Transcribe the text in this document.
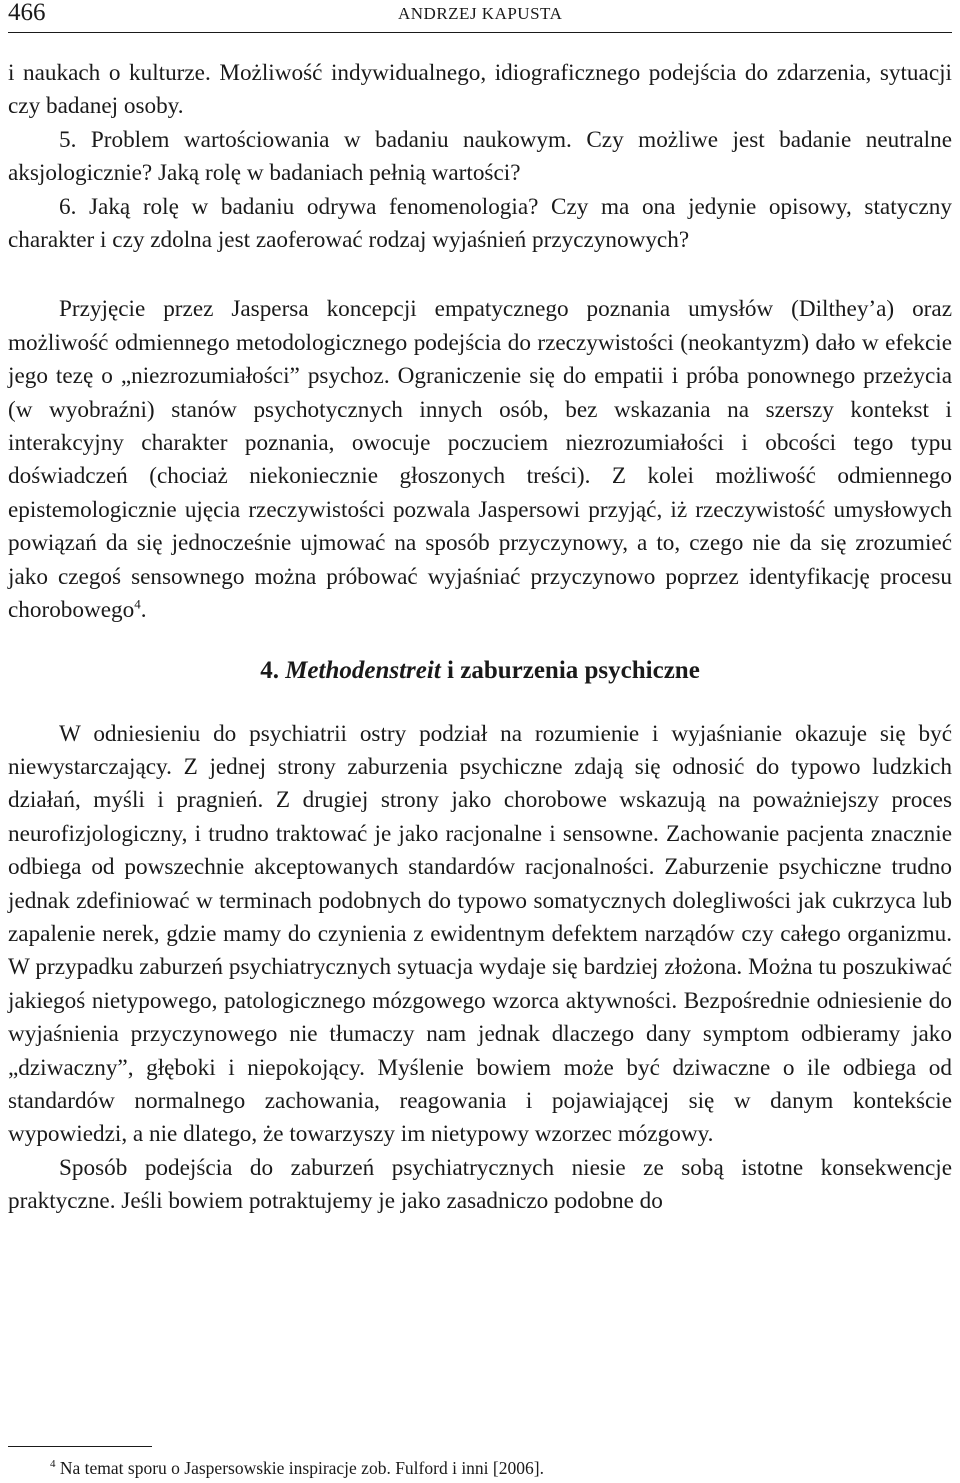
466	ANDRZEJ KAPUSTA

i naukach o kulturze. Możliwość indywidualnego, idiograficznego podejścia do zdarzenia, sytuacji czy badanej osoby.

5. Problem wartościowania w badaniu naukowym. Czy możliwe jest badanie neutralne aksjologicznie? Jaką rolę w badaniach pełnią wartości?

6. Jaką rolę w badaniu odrywa fenomenologia? Czy ma ona jedynie opisowy, statyczny charakter i czy zdolna jest zaoferować rodzaj wyjaśnień przyczynowych?

Przyjęcie przez Jaspersa koncepcji empatycznego poznania umysłów (Dilthey’a) oraz możliwość odmiennego metodologicznego podejścia do rzeczywistości (neokantyzm) dało w efekcie jego tezę o „niezrozumiałości” psychoz. Ograniczenie się do empatii i próba ponownego przeżycia (w wyobraźni) stanów psychotycznych innych osób, bez wskazania na szerszy kontekst i interakcyjny charakter poznania, owocuje poczuciem niezrozumiałości i obcości tego typu doświadczeń (chociaż niekoniecznie głoszonych treści). Z kolei możliwość odmiennego epistemologicznie ujęcia rzeczywistości pozwala Jaspersowi przyjąć, iż rzeczywistość umysłowych powiązań da się jednocześnie ujmować na sposób przyczynowy, a to, czego nie da się zrozumieć jako czegoś sensownego można próbować wyjaśniać przyczynowo poprzez identyfikację procesu chorobowego$^4$.

4. Methodenstreit i zaburzenia psychiczne

W odniesieniu do psychiatrii ostry podział na rozumienie i wyjaśnianie okazuje się być niewystarczający. Z jednej strony zaburzenia psychiczne zdają się odnosić do typowo ludzkich działań, myśli i pragnień. Z drugiej strony jako chorobowe wskazują na poważniejszy proces neurofizjologiczny, i trudno traktować je jako racjonalne i sensowne. Zachowanie pacjenta znacznie odbiega od powszechnie akceptowanych standardów racjonalności. Zaburzenie psychiczne trudno jednak zdefiniować w terminach podobnych do typowo somatycznych dolegliwości jak cukrzyca lub zapalenie nerek, gdzie mamy do czynienia z ewidentnym defektem narządów czy całego organizmu. W przypadku zaburzeń psychiatrycznych sytuacja wydaje się bardziej złożona. Można tu poszukiwać jakiegoś nietypowego, patologicznego mózgowego wzorca aktywności. Bezpośrednie odniesienie do wyjaśnienia przyczynowego nie tłumaczy nam jednak dlaczego dany symptom odbieramy jako „dziwaczny”, głęboki i niepokojący. Myślenie bowiem może być dziwaczne o ile odbiega od standardów normalnego zachowania, reagowania i pojawiającej się w danym kontekście wypowiedzi, a nie dlatego, że towarzyszy im nietypowy wzorzec mózgowy.

Sposób podejścia do zaburzeń psychiatrycznych niesie ze sobą istotne konsekwencje praktyczne. Jeśli bowiem potraktujemy je jako zasadniczo podobne do

$^4$ Na temat sporu o Jaspersowskie inspiracje zob. Fulford i inni [2006].
